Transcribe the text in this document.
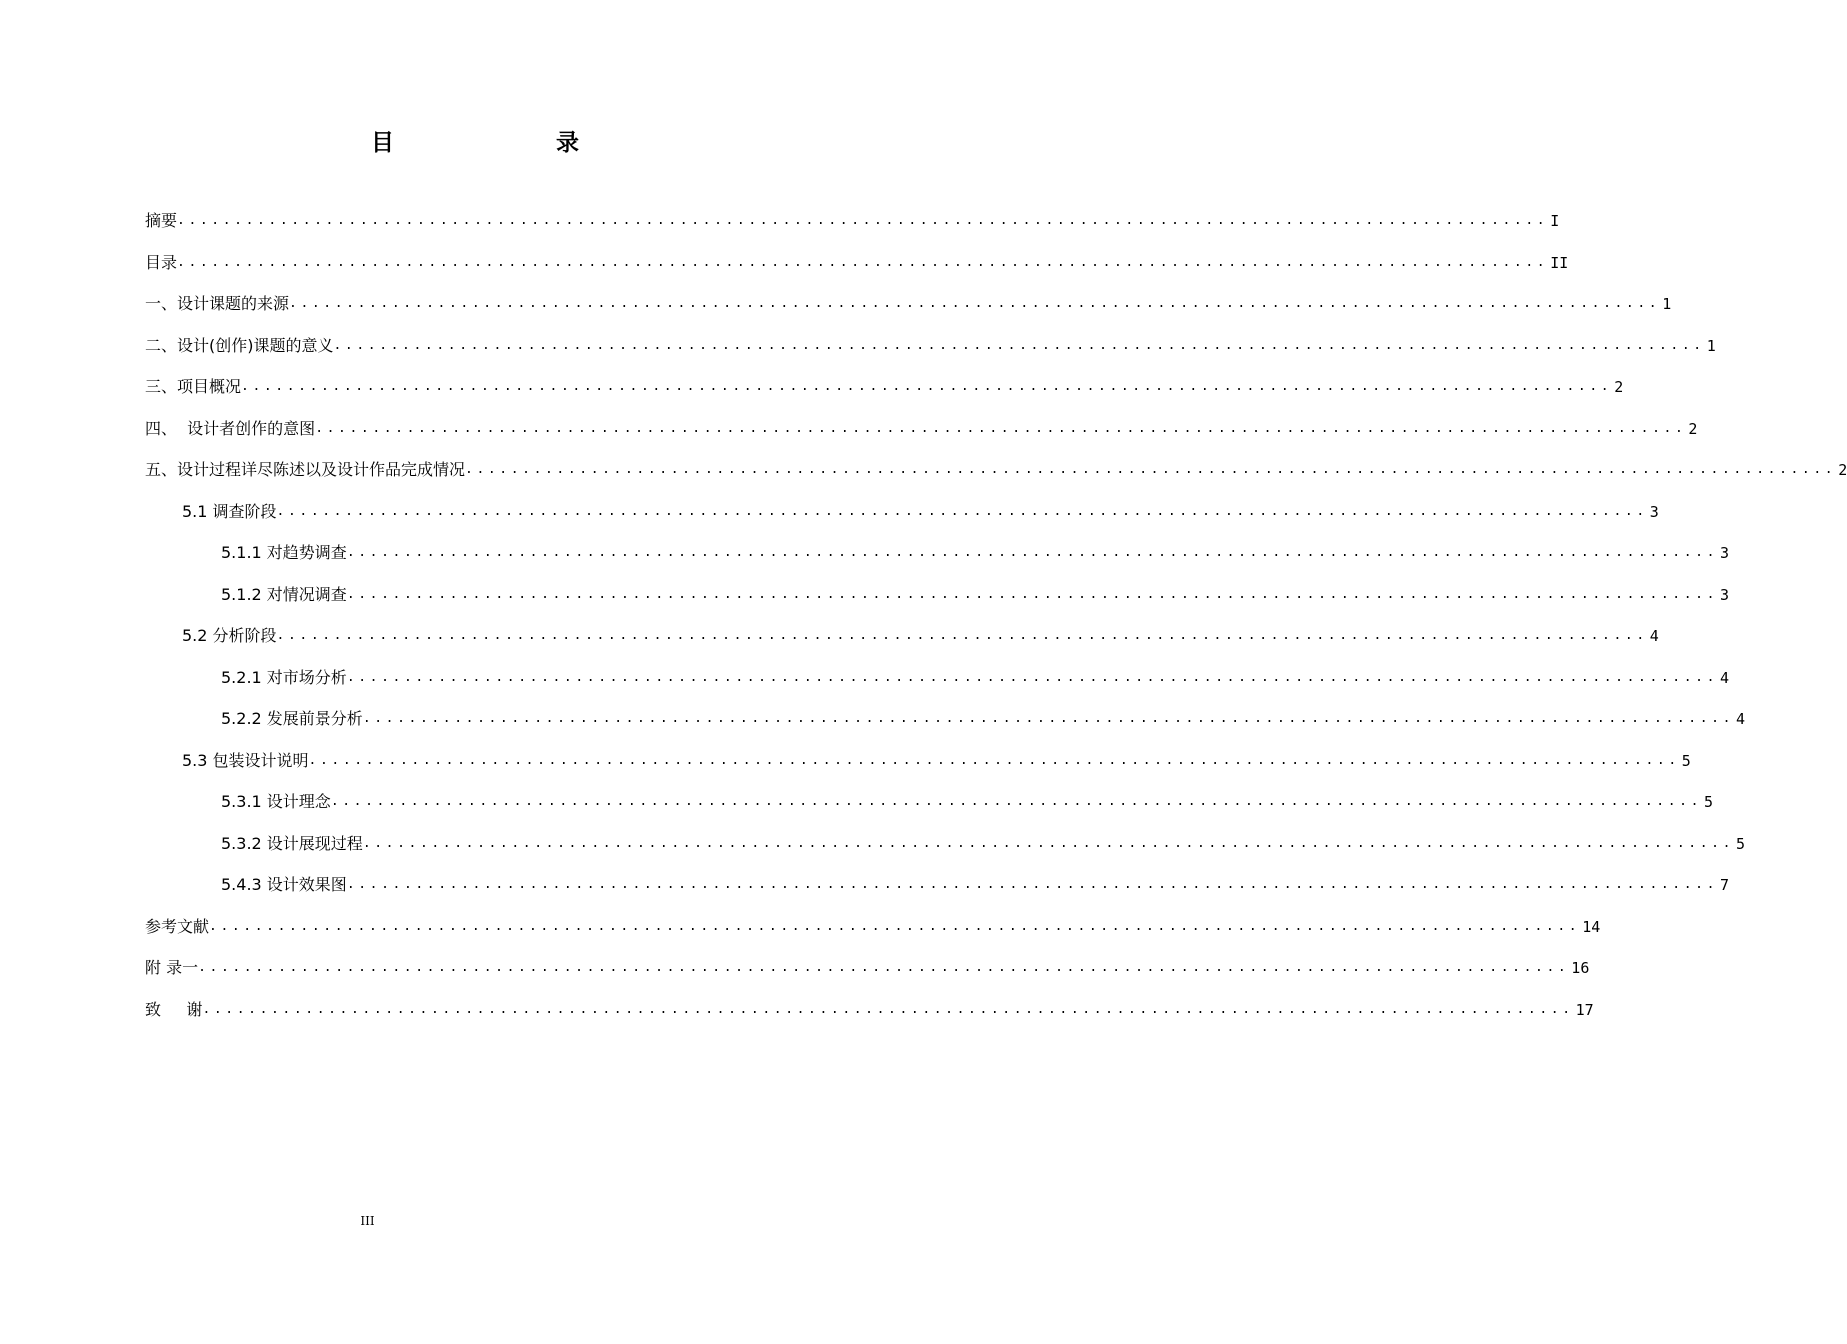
目    录
摘要 ........................................................................................................................ I
目录 ........................................................................................................................ II
一、设计课题的来源 ........................................................................................................................ 1
二、设计(创作)课题的意义 ........................................................................................................................ 1
三、项目概况 ........................................................................................................................ 2
四、  设计者创作的意图 ........................................................................................................................ 2
五、设计过程详尽陈述以及设计作品完成情况 ........................................................................................................................ 2
5.1 调查阶段 ........................................................................................................................ 3
5.1.1 对趋势调查 ........................................................................................................................ 3
5.1.2 对情况调查 ........................................................................................................................ 3
5.2 分析阶段 ........................................................................................................................ 4
5.2.1 对市场分析 ........................................................................................................................ 4
5.2.2 发展前景分析 ........................................................................................................................ 4
5.3 包装设计说明 ........................................................................................................................ 5
5.3.1 设计理念 ........................................................................................................................ 5
5.3.2 设计展现过程 ........................................................................................................................ 5
5.4.3 设计效果图 ........................................................................................................................ 7
参考文献 ........................................................................................................................ 14
附 录一 ........................................................................................................................ 16
致     谢 ........................................................................................................................ 17
III
